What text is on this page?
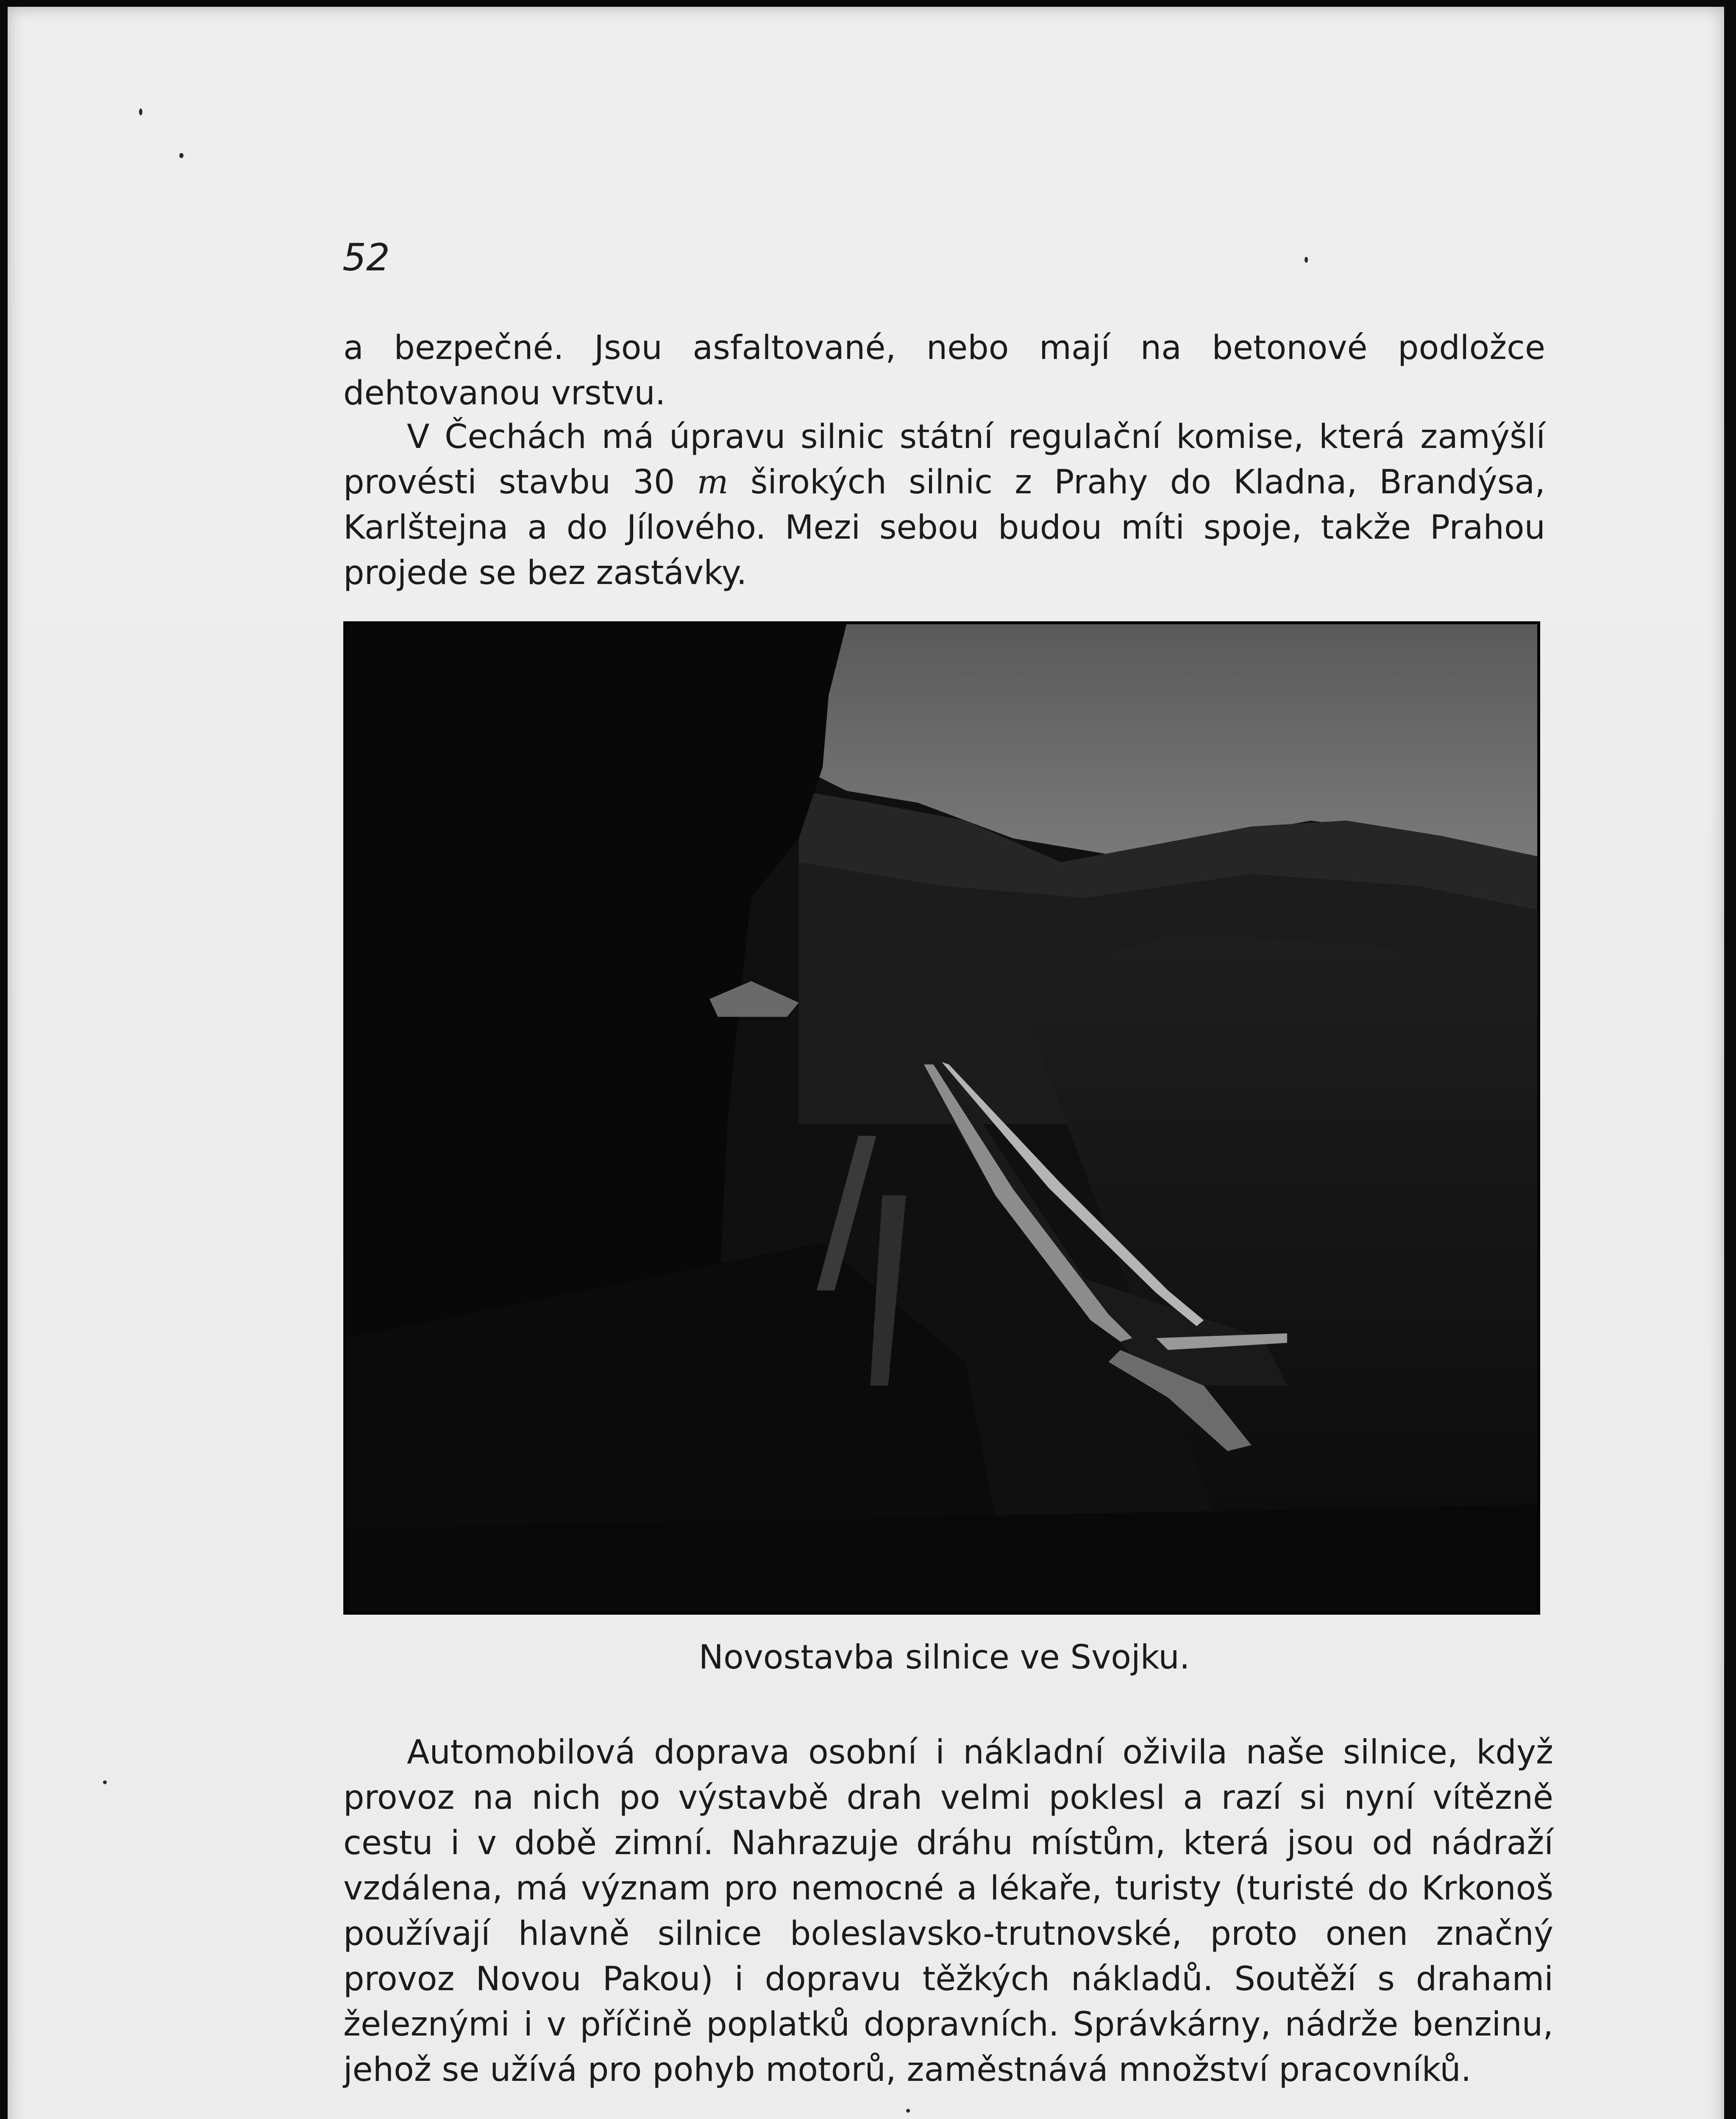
52

a bezpečné. Jsou asfaltované, nebo mají na betonové podložce dehtovanou vrstvu.

V Čechách má úpravu silnic státní regulační komise, která zamýšlí provésti stavbu 30 m širokých silnic z Prahy do Kladna, Brandýsa, Karlštejna a do Jílového. Mezi sebou budou míti spoje, takže Prahou projede se bez zastávky.

Novostavba silnice ve Svojku.

Automobilová doprava osobní i nákladní oživila naše silnice, když provoz na nich po výstavbě drah velmi poklesl a razí si nyní vítězně cestu i v době zimní. Nahrazuje dráhu místům, která jsou od nádraží vzdálena, má význam pro nemocné a lékaře, turisty (turisté do Krkonoš používají hlavně silnice boleslavsko-trutnovské, proto onen značný provoz Novou Pakou) i dopravu těžkých nákladů. Soutěží s drahami železnými i v příčině poplatků dopravních. Správkárny, nádrže benzinu, jehož se užívá pro pohyb motorů, zaměstnává množství pracovníků.
